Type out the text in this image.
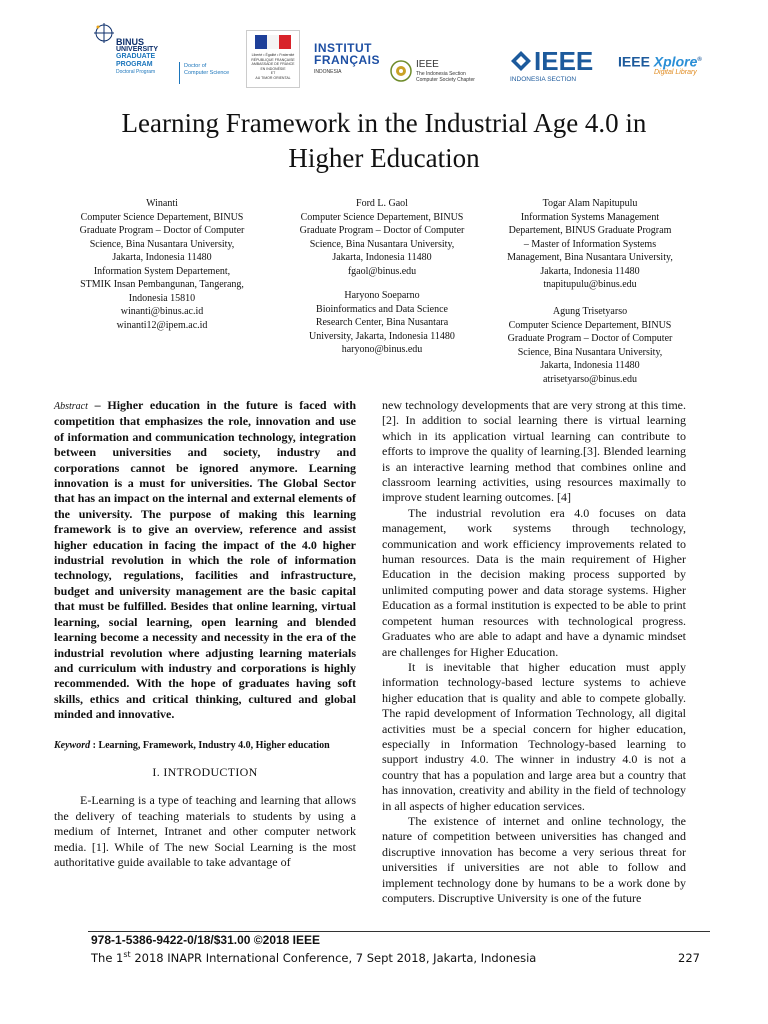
BINUS
UNIVERSITY
GRADUATE
PROGRAM
Doctoral Program
Doctor of
Computer Science
Liberté • Égalité • Fraternité
RÉPUBLIQUE FRANÇAISE
AMBASSADE DE FRANCE
EN INDONÉSIE
ET
AU TIMOR ORIENTAL
INSTITUT
FRANÇAIS
INDONESIA
IEEE
The Indonesia Section
Computer Society Chapter
IEEE
INDONESIA SECTION
IEEE Xplore®
Digital Library
Learning Framework in the Industrial Age 4.0 in
Higher Education
Winanti
Computer Science Departement, BINUS
Graduate Program – Doctor of Computer
Science, Bina Nusantara University,
Jakarta, Indonesia 11480
Information System Departement,
STMIK Insan Pembangunan, Tangerang,
Indonesia 15810
winanti@binus.ac.id
winanti12@ipem.ac.id
Ford L. Gaol
Computer Science Departement, BINUS
Graduate Program – Doctor of Computer
Science, Bina Nusantara University,
Jakarta, Indonesia 11480
fgaol@binus.edu
Togar Alam Napitupulu
Information Systems Management
Departement, BINUS Graduate Program
– Master of Information Systems
Management, Bina Nusantara University,
Jakarta, Indonesia 11480
tnapitupulu@binus.edu
Haryono Soeparno
Bioinformatics and Data Science
Research Center, Bina Nusantara
University, Jakarta, Indonesia 11480
haryono@binus.edu
Agung Trisetyarso
Computer Science Departement, BINUS
Graduate Program – Doctor of Computer
Science, Bina Nusantara University,
Jakarta, Indonesia 11480
atrisetyarso@binus.edu

Abstract – Higher education in the future is faced with competition that emphasizes the role, innovation and use of information and communication technology, integration between universities and society, industry and corporations cannot be ignored anymore. Learning innovation is a must for universities. The Global Sector that has an impact on the internal and external elements of the university. The purpose of making this learning framework is to give an overview, reference and assist higher education in facing the impact of the 4.0 higher industrial revolution in which the role of information technology, regulations, facilities and infrastructure, budget and university management are the basic capital that must be fulfilled. Besides that online learning, virtual learning, social learning, open learning and blended learning become a necessity and necessity in the era of the industrial revolution where adjusting learning materials and curriculum with industry and corporations is highly recommended. With the hope of graduates having soft skills, ethics and critical thinking, cultured and global minded and innovative.

Keyword : Learning, Framework, Industry 4.0, Higher education

I. INTRODUCTION

E-Learning is a type of teaching and learning that allows the delivery of teaching materials to students by using a medium of Internet, Intranet and other computer network media. [1]. While of The new Social Learning is the most authoritative guide available to take advantage of

new technology developments that are very strong at this time. [2]. In addition to social learning there is virtual learning which in its application virtual learning can contribute to efforts to improve the quality of learning.[3]. Blended learning is an interactive learning method that combines online and classroom learning activities, using resources maximally to improve student learning outcomes. [4]

The industrial revolution era 4.0 focuses on data management, work systems through technology, communication and work efficiency improvements related to human resources. Data is the main requirement of Higher Education in the decision making process supported by unlimited computing power and data storage systems. Higher Education as a formal institution is expected to be able to print competent human resources with technological progress. Graduates who are able to adapt and have a dynamic mindset are challenges for Higher Education.

It is inevitable that higher education must apply information technology-based lecture systems to achieve higher education that is quality and able to compete globally. The rapid development of Information Technology, all digital activities must be a special concern for higher education, especially in Information Technology-based learning to support industry 4.0. The winner in industry 4.0 is not a country that has a population and large area but a country that has innovation, creativity and ability in the field of technology in all aspects of higher education services.

The existence of internet and online technology, the nature of competition between universities has changed and discruptive innovation has become a very serious threat for universities if universities are not able to follow and implement technology done by humans to be a work done by computers. Discruptive University is one of the future

978-1-5386-9422-0/18/$31.00 ©2018 IEEE
The 1st 2018 INAPR International Conference, 7 Sept 2018, Jakarta, Indonesia	227
